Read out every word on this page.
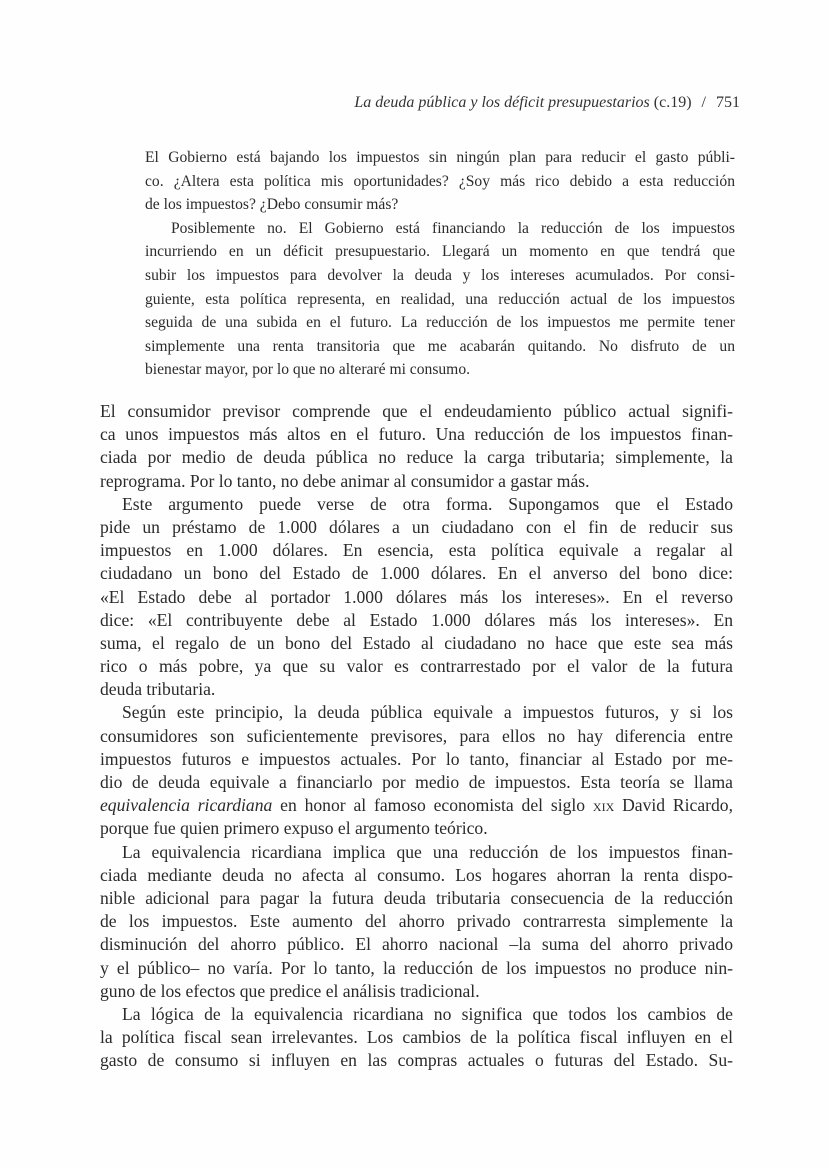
La deuda pública y los déficit presupuestarios (c.19) / 751
El Gobierno está bajando los impuestos sin ningún plan para reducir el gasto públi-
co. ¿Altera esta política mis oportunidades? ¿Soy más rico debido a esta reducción
de los impuestos? ¿Debo consumir más?
Posiblemente no. El Gobierno está financiando la reducción de los impuestos
incurriendo en un déficit presupuestario. Llegará un momento en que tendrá que
subir los impuestos para devolver la deuda y los intereses acumulados. Por consi-
guiente, esta política representa, en realidad, una reducción actual de los impuestos
seguida de una subida en el futuro. La reducción de los impuestos me permite tener
simplemente una renta transitoria que me acabarán quitando. No disfruto de un
bienestar mayor, por lo que no alteraré mi consumo.
El consumidor previsor comprende que el endeudamiento público actual signifi-
ca unos impuestos más altos en el futuro. Una reducción de los impuestos finan-
ciada por medio de deuda pública no reduce la carga tributaria; simplemente, la
reprograma. Por lo tanto, no debe animar al consumidor a gastar más.
Este argumento puede verse de otra forma. Supongamos que el Estado
pide un préstamo de 1.000 dólares a un ciudadano con el fin de reducir sus
impuestos en 1.000 dólares. En esencia, esta política equivale a regalar al
ciudadano un bono del Estado de 1.000 dólares. En el anverso del bono dice:
«El Estado debe al portador 1.000 dólares más los intereses». En el reverso
dice: «El contribuyente debe al Estado 1.000 dólares más los intereses». En
suma, el regalo de un bono del Estado al ciudadano no hace que este sea más
rico o más pobre, ya que su valor es contrarrestado por el valor de la futura
deuda tributaria.
Según este principio, la deuda pública equivale a impuestos futuros, y si los
consumidores son suficientemente previsores, para ellos no hay diferencia entre
impuestos futuros e impuestos actuales. Por lo tanto, financiar al Estado por me-
dio de deuda equivale a financiarlo por medio de impuestos. Esta teoría se llama
equivalencia ricardiana en honor al famoso economista del siglo xix David Ricardo,
porque fue quien primero expuso el argumento teórico.
La equivalencia ricardiana implica que una reducción de los impuestos finan-
ciada mediante deuda no afecta al consumo. Los hogares ahorran la renta dispo-
nible adicional para pagar la futura deuda tributaria consecuencia de la reducción
de los impuestos. Este aumento del ahorro privado contrarresta simplemente la
disminución del ahorro público. El ahorro nacional –la suma del ahorro privado
y el público– no varía. Por lo tanto, la reducción de los impuestos no produce nin-
guno de los efectos que predice el análisis tradicional.
La lógica de la equivalencia ricardiana no significa que todos los cambios de
la política fiscal sean irrelevantes. Los cambios de la política fiscal influyen en el
gasto de consumo si influyen en las compras actuales o futuras del Estado. Su-
